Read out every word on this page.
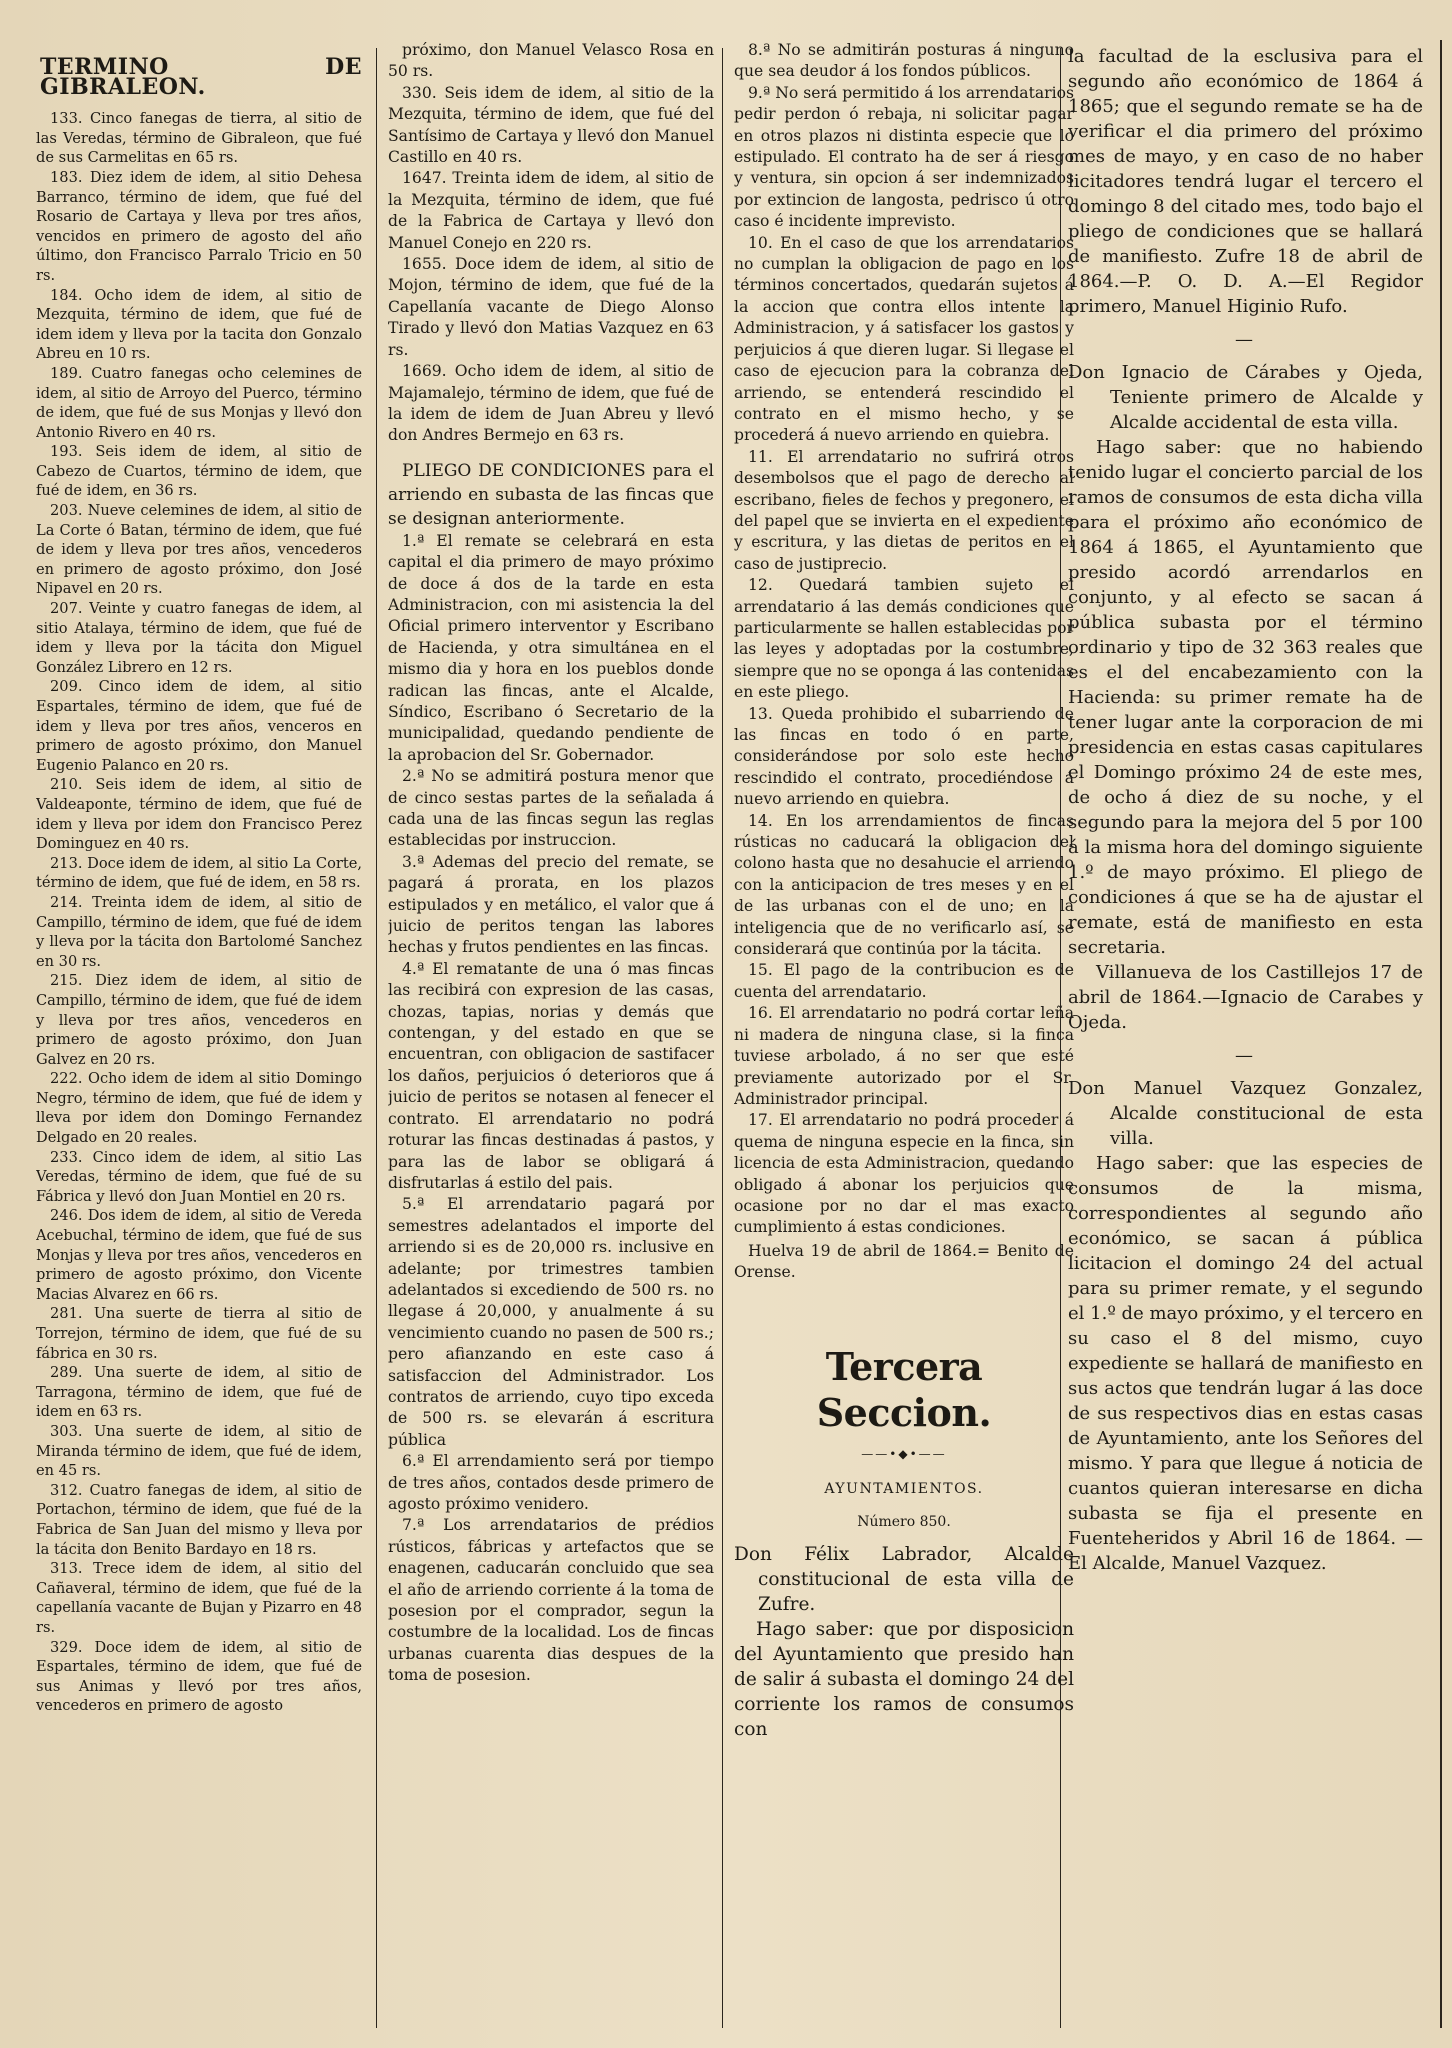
TERMINO DE GIBRALEON.

133. Cinco fanegas de tierra, al sitio de las Veredas, término de Gibraleon, que fué de sus Carmelitas en 65 rs.

183. Diez idem de idem, al sitio Dehesa Barranco, término de idem, que fué del Rosario de Cartaya y lleva por tres años, vencidos en primero de agosto del año último, don Francisco Parralo Tricio en 50 rs.

184. Ocho idem de idem, al sitio de Mezquita, término de idem, que fué de idem idem y lleva por la tacita don Gonzalo Abreu en 10 rs.

189. Cuatro fanegas ocho celemines de idem, al sitio de Arroyo del Puerco, término de idem, que fué de sus Monjas y llevó don Antonio Rivero en 40 rs.

193. Seis idem de idem, al sitio de Cabezo de Cuartos, término de idem, que fué de idem, en 36 rs.

203. Nueve celemines de idem, al sitio de La Corte ó Batan, término de idem, que fué de idem y lleva por tres años, vencederos en primero de agosto próximo, don José Nipavel en 20 rs.

207. Veinte y cuatro fanegas de idem, al sitio Atalaya, término de idem, que fué de idem y lleva por la tácita don Miguel González Librero en 12 rs.

209. Cinco idem de idem, al sitio Espartales, término de idem, que fué de idem y lleva por tres años, venceros en primero de agosto próximo, don Manuel Eugenio Palanco en 20 rs.

210. Seis idem de idem, al sitio de Valdeaponte, término de idem, que fué de idem y lleva por idem don Francisco Perez Dominguez en 40 rs.

213. Doce idem de idem, al sitio La Corte, término de idem, que fué de idem, en 58 rs.

214. Treinta idem de idem, al sitio de Campillo, término de idem, que fué de idem y lleva por la tácita don Bartolomé Sanchez en 30 rs.

215. Diez idem de idem, al sitio de Campillo, término de idem, que fué de idem y lleva por tres años, vencederos en primero de agosto próximo, don Juan Galvez en 20 rs.

222. Ocho idem de idem al sitio Domingo Negro, término de idem, que fué de idem y lleva por idem don Domingo Fernandez Delgado en 20 reales.

233. Cinco idem de idem, al sitio Las Veredas, término de idem, que fué de su Fábrica y llevó don Juan Montiel en 20 rs.

246. Dos idem de idem, al sitio de Vereda Acebuchal, término de idem, que fué de sus Monjas y lleva por tres años, vencederos en primero de agosto próximo, don Vicente Macias Alvarez en 66 rs.

281. Una suerte de tierra al sitio de Torrejon, término de idem, que fué de su fábrica en 30 rs.

289. Una suerte de idem, al sitio de Tarragona, término de idem, que fué de idem en 63 rs.

303. Una suerte de idem, al sitio de Miranda término de idem, que fué de idem, en 45 rs.

312. Cuatro fanegas de idem, al sitio de Portachon, término de idem, que fué de la Fabrica de San Juan del mismo y lleva por la tácita don Benito Bardayo en 18 rs.

313. Trece idem de idem, al sitio del Cañaveral, término de idem, que fué de la capellanía vacante de Bujan y Pizarro en 48 rs.

329. Doce idem de idem, al sitio de Espartales, término de idem, que fué de sus Animas y llevó por tres años, vencederos en primero de agosto

próximo, don Manuel Velasco Rosa en 50 rs.

330. Seis idem de idem, al sitio de la Mezquita, término de idem, que fué del Santísimo de Cartaya y llevó don Manuel Castillo en 40 rs.

1647. Treinta idem de idem, al sitio de la Mezquita, término de idem, que fué de la Fabrica de Cartaya y llevó don Manuel Conejo en 220 rs.

1655. Doce idem de idem, al sitio de Mojon, término de idem, que fué de la Capellanía vacante de Diego Alonso Tirado y llevó don Matias Vazquez en 63 rs.

1669. Ocho idem de idem, al sitio de Majamalejo, término de idem, que fué de la idem de idem de Juan Abreu y llevó don Andres Bermejo en 63 rs.

PLIEGO DE CONDICIONES para el arriendo en subasta de las fincas que se designan anteriormente.

1.ª El remate se celebrará en esta capital el dia primero de mayo próximo de doce á dos de la tarde en esta Administracion, con mi asistencia la del Oficial primero interventor y Escribano de Hacienda, y otra simultánea en el mismo dia y hora en los pueblos donde radican las fincas, ante el Alcalde, Síndico, Escribano ó Secretario de la municipalidad, quedando pendiente de la aprobacion del Sr. Gobernador.

2.ª No se admitirá postura menor que de cinco sestas partes de la señalada á cada una de las fincas segun las reglas establecidas por instruccion.

3.ª Ademas del precio del remate, se pagará á prorata, en los plazos estipulados y en metálico, el valor que á juicio de peritos tengan las labores hechas y frutos pendientes en las fincas.

4.ª El rematante de una ó mas fincas las recibirá con expresion de las casas, chozas, tapias, norias y demás que contengan, y del estado en que se encuentran, con obligacion de sastifacer los daños, perjuicios ó deterioros que á juicio de peritos se notasen al fenecer el contrato. El arrendatario no podrá roturar las fincas destinadas á pastos, y para las de labor se obligará á disfrutarlas á estilo del pais.

5.ª El arrendatario pagará por semestres adelantados el importe del arriendo si es de 20,000 rs. inclusive en adelante; por trimestres tambien adelantados si excediendo de 500 rs. no llegase á 20,000, y anualmente á su vencimiento cuando no pasen de 500 rs.; pero afianzando en este caso á satisfaccion del Administrador. Los contratos de arriendo, cuyo tipo exceda de 500 rs. se elevarán á escritura pública

6.ª El arrendamiento será por tiempo de tres años, contados desde primero de agosto próximo venidero.

7.ª Los arrendatarios de prédios rústicos, fábricas y artefactos que se enagenen, caducarán concluido que sea el año de arriendo corriente á la toma de posesion por el comprador, segun la costumbre de la localidad. Los de fincas urbanas cuarenta dias despues de la toma de posesion.

8.ª No se admitirán posturas á ninguno que sea deudor á los fondos públicos.

9.ª No será permitido á los arrendatarios pedir perdon ó rebaja, ni solicitar pagar en otros plazos ni distinta especie que lo estipulado. El contrato ha de ser á riesgo y ventura, sin opcion á ser indemnizados por extincion de langosta, pedrisco ú otro caso é incidente imprevisto.

10. En el caso de que los arrendatarios no cumplan la obligacion de pago en los términos concertados, quedarán sujetos á la accion que contra ellos intente la Administracion, y á satisfacer los gastos y perjuicios á que dieren lugar. Si llegase el caso de ejecucion para la cobranza del arriendo, se entenderá rescindido el contrato en el mismo hecho, y se procederá á nuevo arriendo en quiebra.

11. El arrendatario no sufrirá otros desembolsos que el pago de derecho al escribano, fieles de fechos y pregonero, el del papel que se invierta en el expediente y escritura, y las dietas de peritos en el caso de justiprecio.

12. Quedará tambien sujeto el arrendatario á las demás condiciones que particularmente se hallen establecidas por las leyes y adoptadas por la costumbre, siempre que no se oponga á las contenidas en este pliego.

13. Queda prohibido el subarriendo de las fincas en todo ó en parte, considerándose por solo este hecho rescindido el contrato, procediéndose á nuevo arriendo en quiebra.

14. En los arrendamientos de fincas rústicas no caducará la obligacion del colono hasta que no desahucie el arriendo con la anticipacion de tres meses y en el de las urbanas con el de uno; en la inteligencia que de no verificarlo así, se considerará que continúa por la tácita.

15. El pago de la contribucion es de cuenta del arrendatario.

16. El arrendatario no podrá cortar leña ni madera de ninguna clase, si la finca tuviese arbolado, á no ser que esté previamente autorizado por el Sr. Administrador principal.

17. El arrendatario no podrá proceder á quema de ninguna especie en la finca, sin licencia de esta Administracion, quedando obligado á abonar los perjuicios que ocasione por no dar el mas exacto cumplimiento á estas condiciones.

Huelva 19 de abril de 1864.= Benito de Orense.

Tercera Seccion.
——•◆•——
AYUNTAMIENTOS.
Número 850.

Don Félix Labrador, Alcalde constitucional de esta villa de Zufre.

Hago saber: que por disposicion del Ayuntamiento que presido han de salir á subasta el domingo 24 del corriente los ramos de consumos con

la facultad de la esclusiva para el segundo año económico de 1864 á 1865; que el segundo remate se ha de verificar el dia primero del próximo mes de mayo, y en caso de no haber licitadores tendrá lugar el tercero el domingo 8 del citado mes, todo bajo el pliego de condiciones que se hallará de manifiesto. Zufre 18 de abril de 1864.—P. O. D. A.—El Regidor primero, Manuel Higinio Rufo.

—

Don Ignacio de Cárabes y Ojeda, Teniente primero de Alcalde y Alcalde accidental de esta villa.

Hago saber: que no habiendo tenido lugar el concierto parcial de los ramos de consumos de esta dicha villa para el próximo año económico de 1864 á 1865, el Ayuntamiento que presido acordó arrendarlos en conjunto, y al efecto se sacan á pública subasta por el término ordinario y tipo de 32 363 reales que es el del encabezamiento con la Hacienda: su primer remate ha de tener lugar ante la corporacion de mi presidencia en estas casas capitulares el Domingo próximo 24 de este mes, de ocho á diez de su noche, y el segundo para la mejora del 5 por 100 á la misma hora del domingo siguiente 1.º de mayo próximo. El pliego de condiciones á que se ha de ajustar el remate, está de manifiesto en esta secretaria.

Villanueva de los Castillejos 17 de abril de 1864.—Ignacio de Carabes y Ojeda.

—

Don Manuel Vazquez Gonzalez, Alcalde constitucional de esta villa.

Hago saber: que las especies de consumos de la misma, correspondientes al segundo año económico, se sacan á pública licitacion el domingo 24 del actual para su primer remate, y el segundo el 1.º de mayo próximo, y el tercero en su caso el 8 del mismo, cuyo expediente se hallará de manifiesto en sus actos que tendrán lugar á las doce de sus respectivos dias en estas casas de Ayuntamiento, ante los Señores del mismo. Y para que llegue á noticia de cuantos quieran interesarse en dicha subasta se fija el presente en Fuenteheridos y Abril 16 de 1864. —El Alcalde, Manuel Vazquez.
